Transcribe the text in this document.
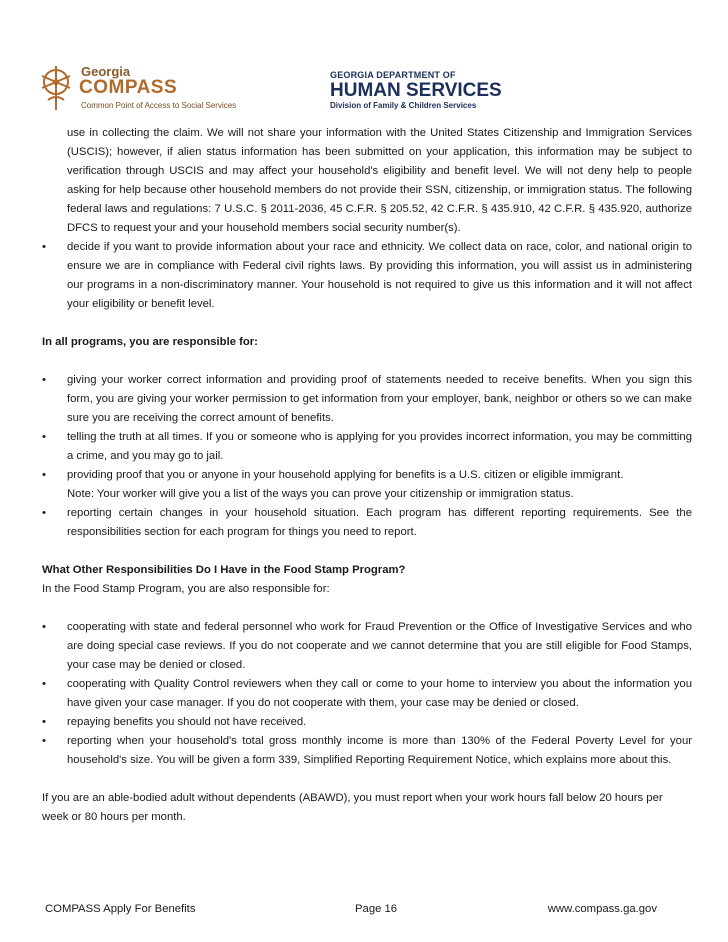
Georgia
COMPASS
Common Point of Access to Social Services
GEORGIA DEPARTMENT OF
HUMAN SERVICES
Division of Family & Children Services

use in collecting the claim. We will not share your information with the United States Citizenship and Immigration Services (USCIS); however, if alien status information has been submitted on your application, this information may be subject to verification through USCIS and may affect your household's eligibility and benefit level. We will not deny help to people asking for help because other household members do not provide their SSN, citizenship, or immigration status. The following federal laws and regulations: 7 U.S.C. § 2011-2036, 45 C.F.R. § 205.52, 42 C.F.R. § 435.910, 42 C.F.R. § 435.920, authorize DFCS to request your and your household members social security number(s).

• decide if you want to provide information about your race and ethnicity. We collect data on race, color, and national origin to ensure we are in compliance with Federal civil rights laws. By providing this information, you will assist us in administering our programs in a non-discriminatory manner. Your household is not required to give us this information and it will not affect your eligibility or benefit level.

In all programs, you are responsible for:

• giving your worker correct information and providing proof of statements needed to receive benefits. When you sign this form, you are giving your worker permission to get information from your employer, bank, neighbor or others so we can make sure you are receiving the correct amount of benefits.
• telling the truth at all times. If you or someone who is applying for you provides incorrect information, you may be committing a crime, and you may go to jail.
• providing proof that you or anyone in your household applying for benefits is a U.S. citizen or eligible immigrant.
Note: Your worker will give you a list of the ways you can prove your citizenship or immigration status.
• reporting certain changes in your household situation. Each program has different reporting requirements. See the responsibilities section for each program for things you need to report.

What Other Responsibilities Do I Have in the Food Stamp Program?

In the Food Stamp Program, you are also responsible for:

• cooperating with state and federal personnel who work for Fraud Prevention or the Office of Investigative Services and who are doing special case reviews. If you do not cooperate and we cannot determine that you are still eligible for Food Stamps, your case may be denied or closed.
• cooperating with Quality Control reviewers when they call or come to your home to interview you about the information you have given your case manager. If you do not cooperate with them, your case may be denied or closed.
• repaying benefits you should not have received.
• reporting when your household's total gross monthly income is more than 130% of the Federal Poverty Level for your household's size. You will be given a form 339, Simplified Reporting Requirement Notice, which explains more about this.

If you are an able-bodied adult without dependents (ABAWD), you must report when your work hours fall below 20 hours per week or 80 hours per month.

COMPASS Apply For Benefits	Page 16	www.compass.ga.gov
